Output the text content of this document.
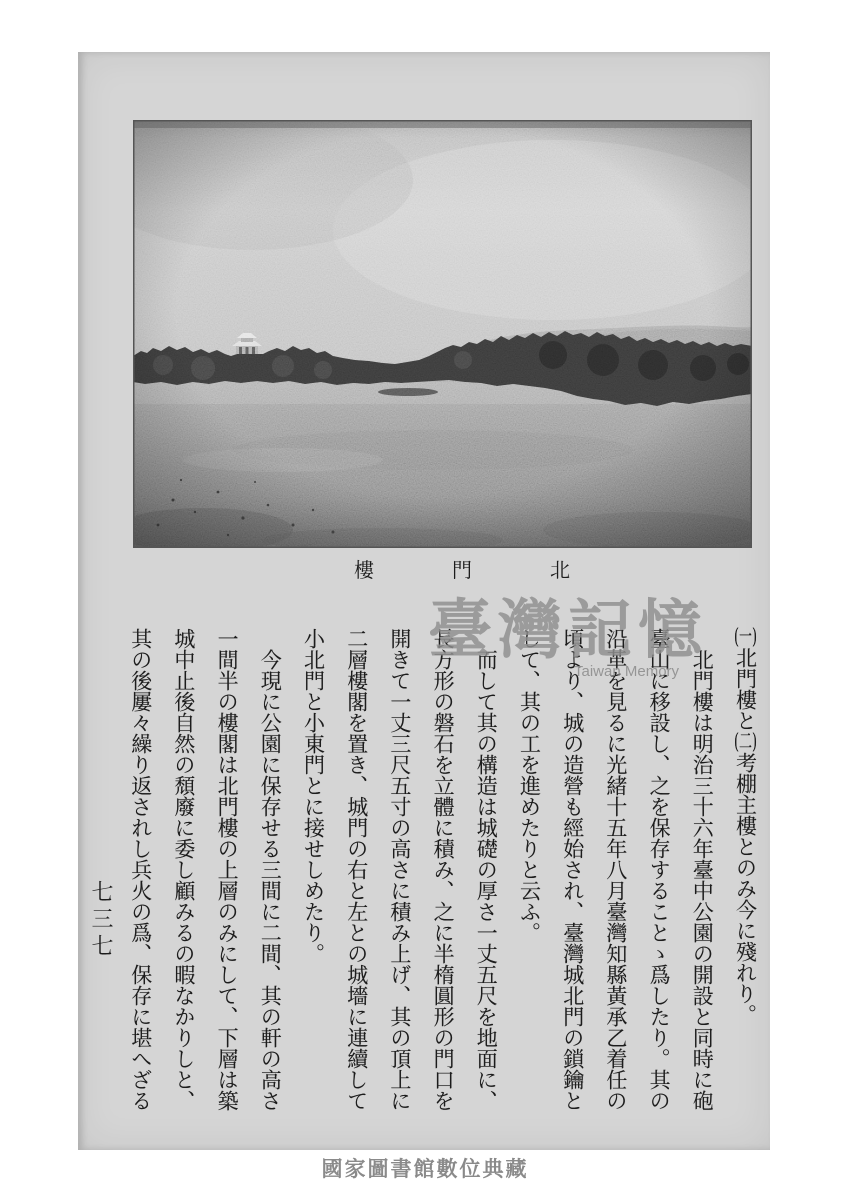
北門樓
(一)北門樓と(二)考棚主樓とのみ今に殘れり。
北門樓は明治三十六年臺中公園の開設と同時に砲
臺山に移設し、之を保存することゝ爲したり。其の
沿革を見るに光緒十五年八月臺灣知縣黃承乙着任の
頃より、城の造營も經始され、臺灣城北門の鎖鑰と
して、其の工を進めたりと云ふ。
而して其の構造は城礎の厚さ一丈五尺を地面に、
長方形の磐石を立體に積み、之に半楕圓形の門口を
開きて一丈三尺五寸の高さに積み上げ、其の頂上に
二層樓閣を置き、城門の右と左との城墻に連續して
小北門と小東門とに接せしめたり。
今現に公園に保存せる三間に二間、其の軒の高さ
一間半の樓閣は北門樓の上層のみにして、下層は築
城中止後自然の頹廢に委し顧みるの暇なかりしと、
其の後屢々繰り返されし兵火の爲、保存に堪へざる
七三七
臺灣記憶
Taiwan Memory
國家圖書館數位典藏
